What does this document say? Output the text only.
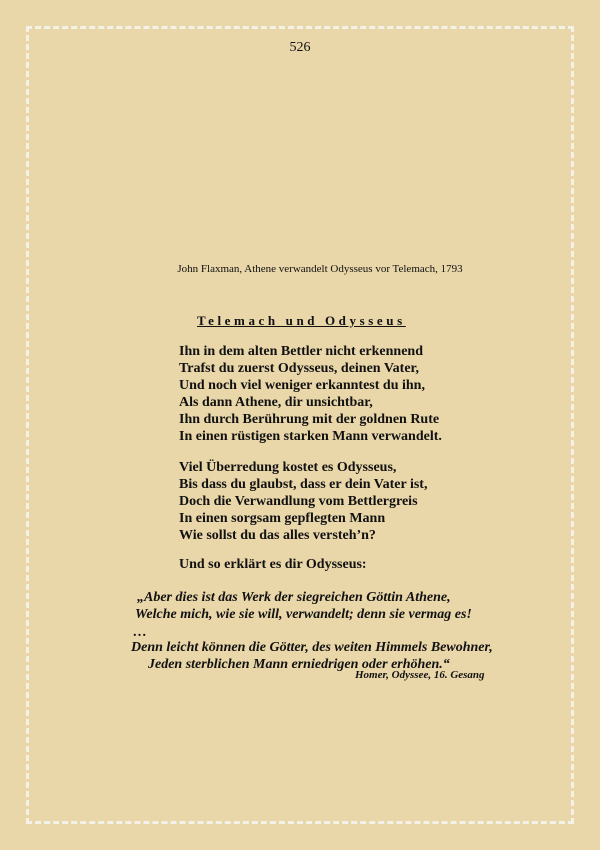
526
John Flaxman, Athene verwandelt Odysseus vor Telemach, 1793
Telemach und Odysseus
Ihn in dem alten Bettler nicht erkennend
Trafst du zuerst Odysseus, deinen Vater,
Und noch viel weniger erkanntest du ihn,
Als dann Athene, dir unsichtbar,
Ihn durch Berührung mit der goldnen Rute
In einen rüstigen starken Mann verwandelt.
Viel Überredung kostet es Odysseus,
Bis dass du glaubst, dass er dein Vater ist,
Doch die Verwandlung vom Bettlergreis
In einen sorgsam gepflegten Mann
Wie sollst du das alles versteh’n?
Und so erklärt es dir Odysseus:
„Aber dies ist das Werk der siegreichen Göttin Athene,
Welche mich, wie sie will, verwandelt; denn sie vermag es!
…
Denn leicht können die Götter, des weiten Himmels Bewohner,
Jeden sterblichen Mann erniedrigen oder erhöhen.“
Homer, Odyssee, 16. Gesang
